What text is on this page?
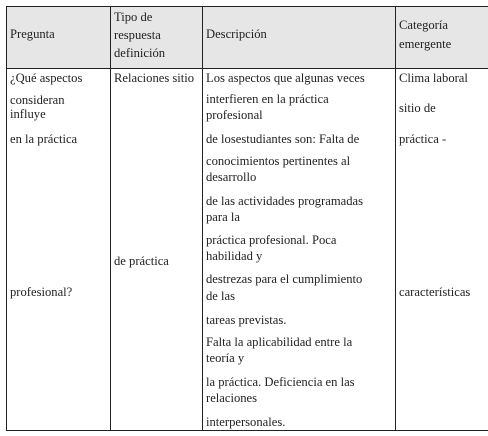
Pregunta
Tipo de
respuesta
definición
Descripción
Categoría
emergente
¿Qué aspectos
consideran
influye
en la práctica
profesional?
Relaciones sitio
de práctica
Los aspectos que algunas veces
interfieren en la práctica
profesional
de losestudiantes son: Falta de
conocimientos pertinentes al
desarrollo
de las actividades programadas
para la
práctica profesional. Poca
habilidad y
destrezas para el cumplimiento
de las
tareas previstas.
Falta la aplicabilidad entre la
teoría y
la práctica. Deficiencia en las
relaciones
interpersonales.
Clima laboral
sitio de
práctica -
características
